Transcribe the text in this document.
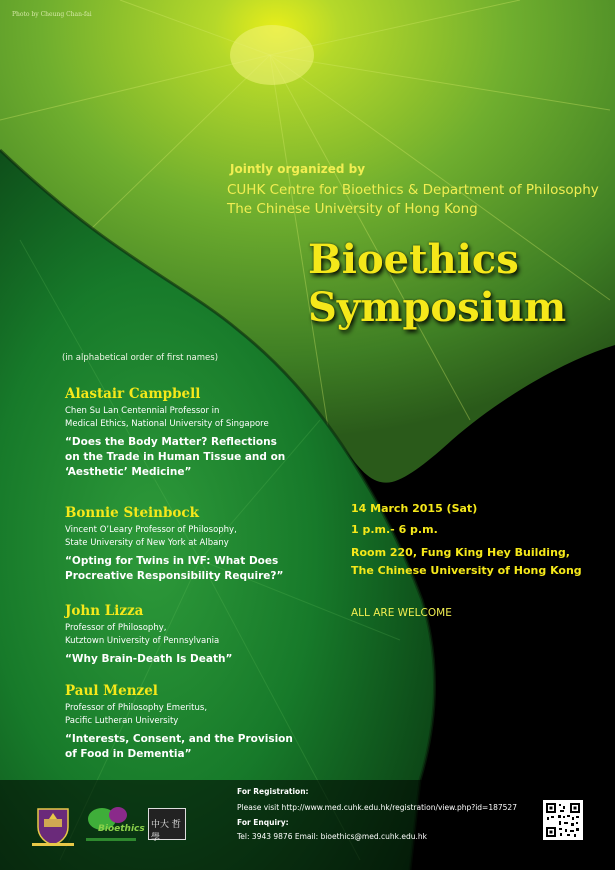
Photo by Cheung Chan-fai

Jointly organized by

CUHK Centre for Bioethics & Department of Philosophy

The Chinese University of Hong Kong

Bioethics
Symposium

(in alphabetical order of first names)

Alastair Campbell

Chen Su Lan Centennial Professor in

Medical Ethics, National University of Singapore

“Does the Body Matter? Reflections
on the Trade in Human Tissue and on
‘Aesthetic’ Medicine”

Bonnie Steinbock

Vincent O’Leary Professor of Philosophy,

State University of New York at Albany

“Opting for Twins in IVF: What Does
Procreative Responsibility Require?”

John Lizza

Professor of Philosophy,

Kutztown University of Pennsylvania

“Why Brain-Death Is Death”

Paul Menzel

Professor of Philosophy Emeritus,

Pacific Lutheran University

“Interests, Consent, and the Provision
of Food in Dementia”

14 March 2015 (Sat)

1 p.m.- 6 p.m.

Room 220, Fung King Hey Building,

The Chinese University of Hong Kong

ALL ARE WELCOME

For Registration:

Please visit http://www.med.cuhk.edu.hk/registration/view.php?id=187527

For Enquiry:

Tel: 3943 9876 Email: bioethics@med.cuhk.edu.hk

Bioethics 中大 哲學
